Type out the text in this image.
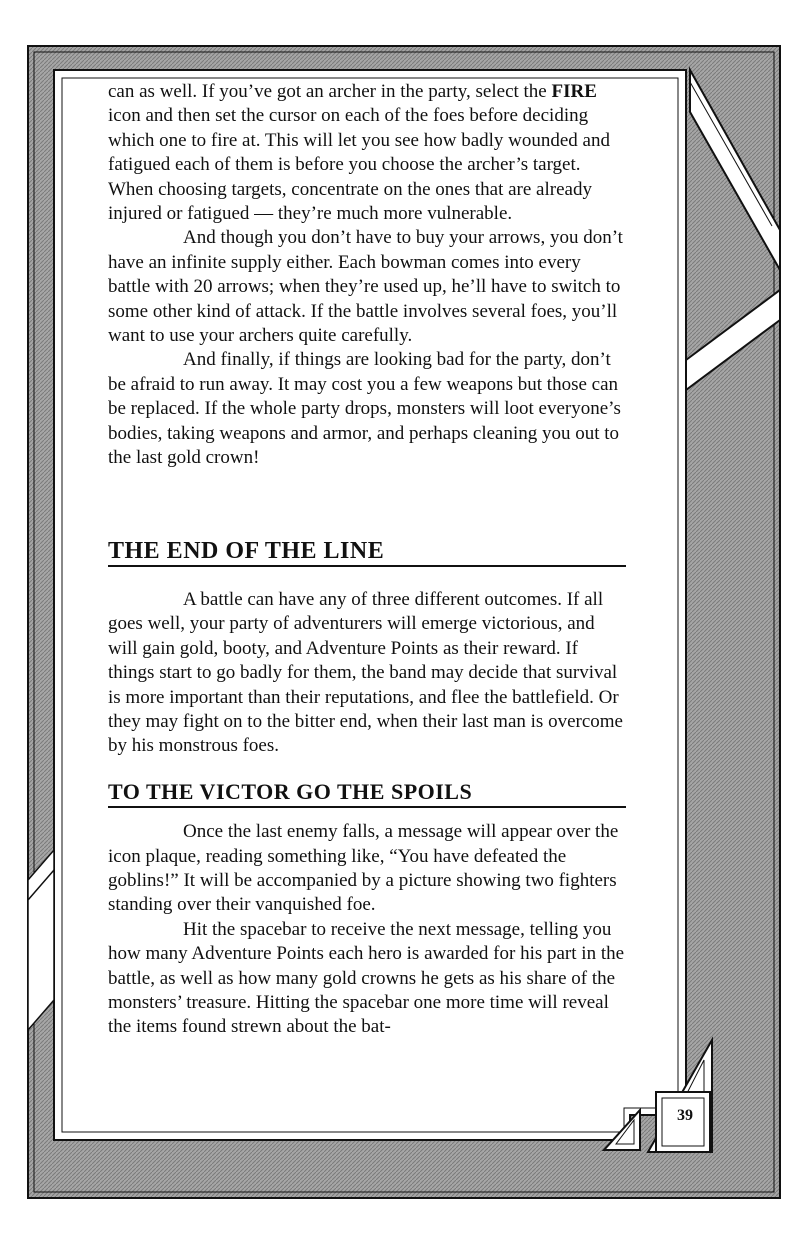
can as well. If you’ve got an archer in the party, select the FIRE icon and then set the cursor on each of the foes before deciding which one to fire at. This will let you see how badly wounded and fatigued each of them is before you choose the archer’s target. When choosing targets, concentrate on the ones that are already injured or fatigued — they’re much more vulnerable.

And though you don’t have to buy your arrows, you don’t have an infinite supply either. Each bowman comes into every battle with 20 arrows; when they’re used up, he’ll have to switch to some other kind of attack. If the battle involves several foes, you’ll want to use your archers quite carefully.

And finally, if things are looking bad for the party, don’t be afraid to run away. It may cost you a few weapons but those can be replaced. If the whole party drops, monsters will loot everyone’s bodies, taking weapons and armor, and perhaps cleaning you out to the last gold crown!

THE END OF THE LINE

A battle can have any of three different outcomes. If all goes well, your party of adventurers will emerge victorious, and will gain gold, booty, and Adventure Points as their reward. If things start to go badly for them, the band may decide that survival is more important than their reputations, and flee the battlefield. Or they may fight on to the bitter end, when their last man is overcome by his monstrous foes.

TO THE VICTOR GO THE SPOILS

Once the last enemy falls, a message will appear over the icon plaque, reading something like, “You have defeated the goblins!” It will be accompanied by a picture showing two fighters standing over their vanquished foe.

Hit the spacebar to receive the next message, telling you how many Adventure Points each hero is awarded for his part in the battle, as well as how many gold crowns he gets as his share of the monsters’ treasure. Hitting the spacebar one more time will reveal the items found strewn about the bat-

39
